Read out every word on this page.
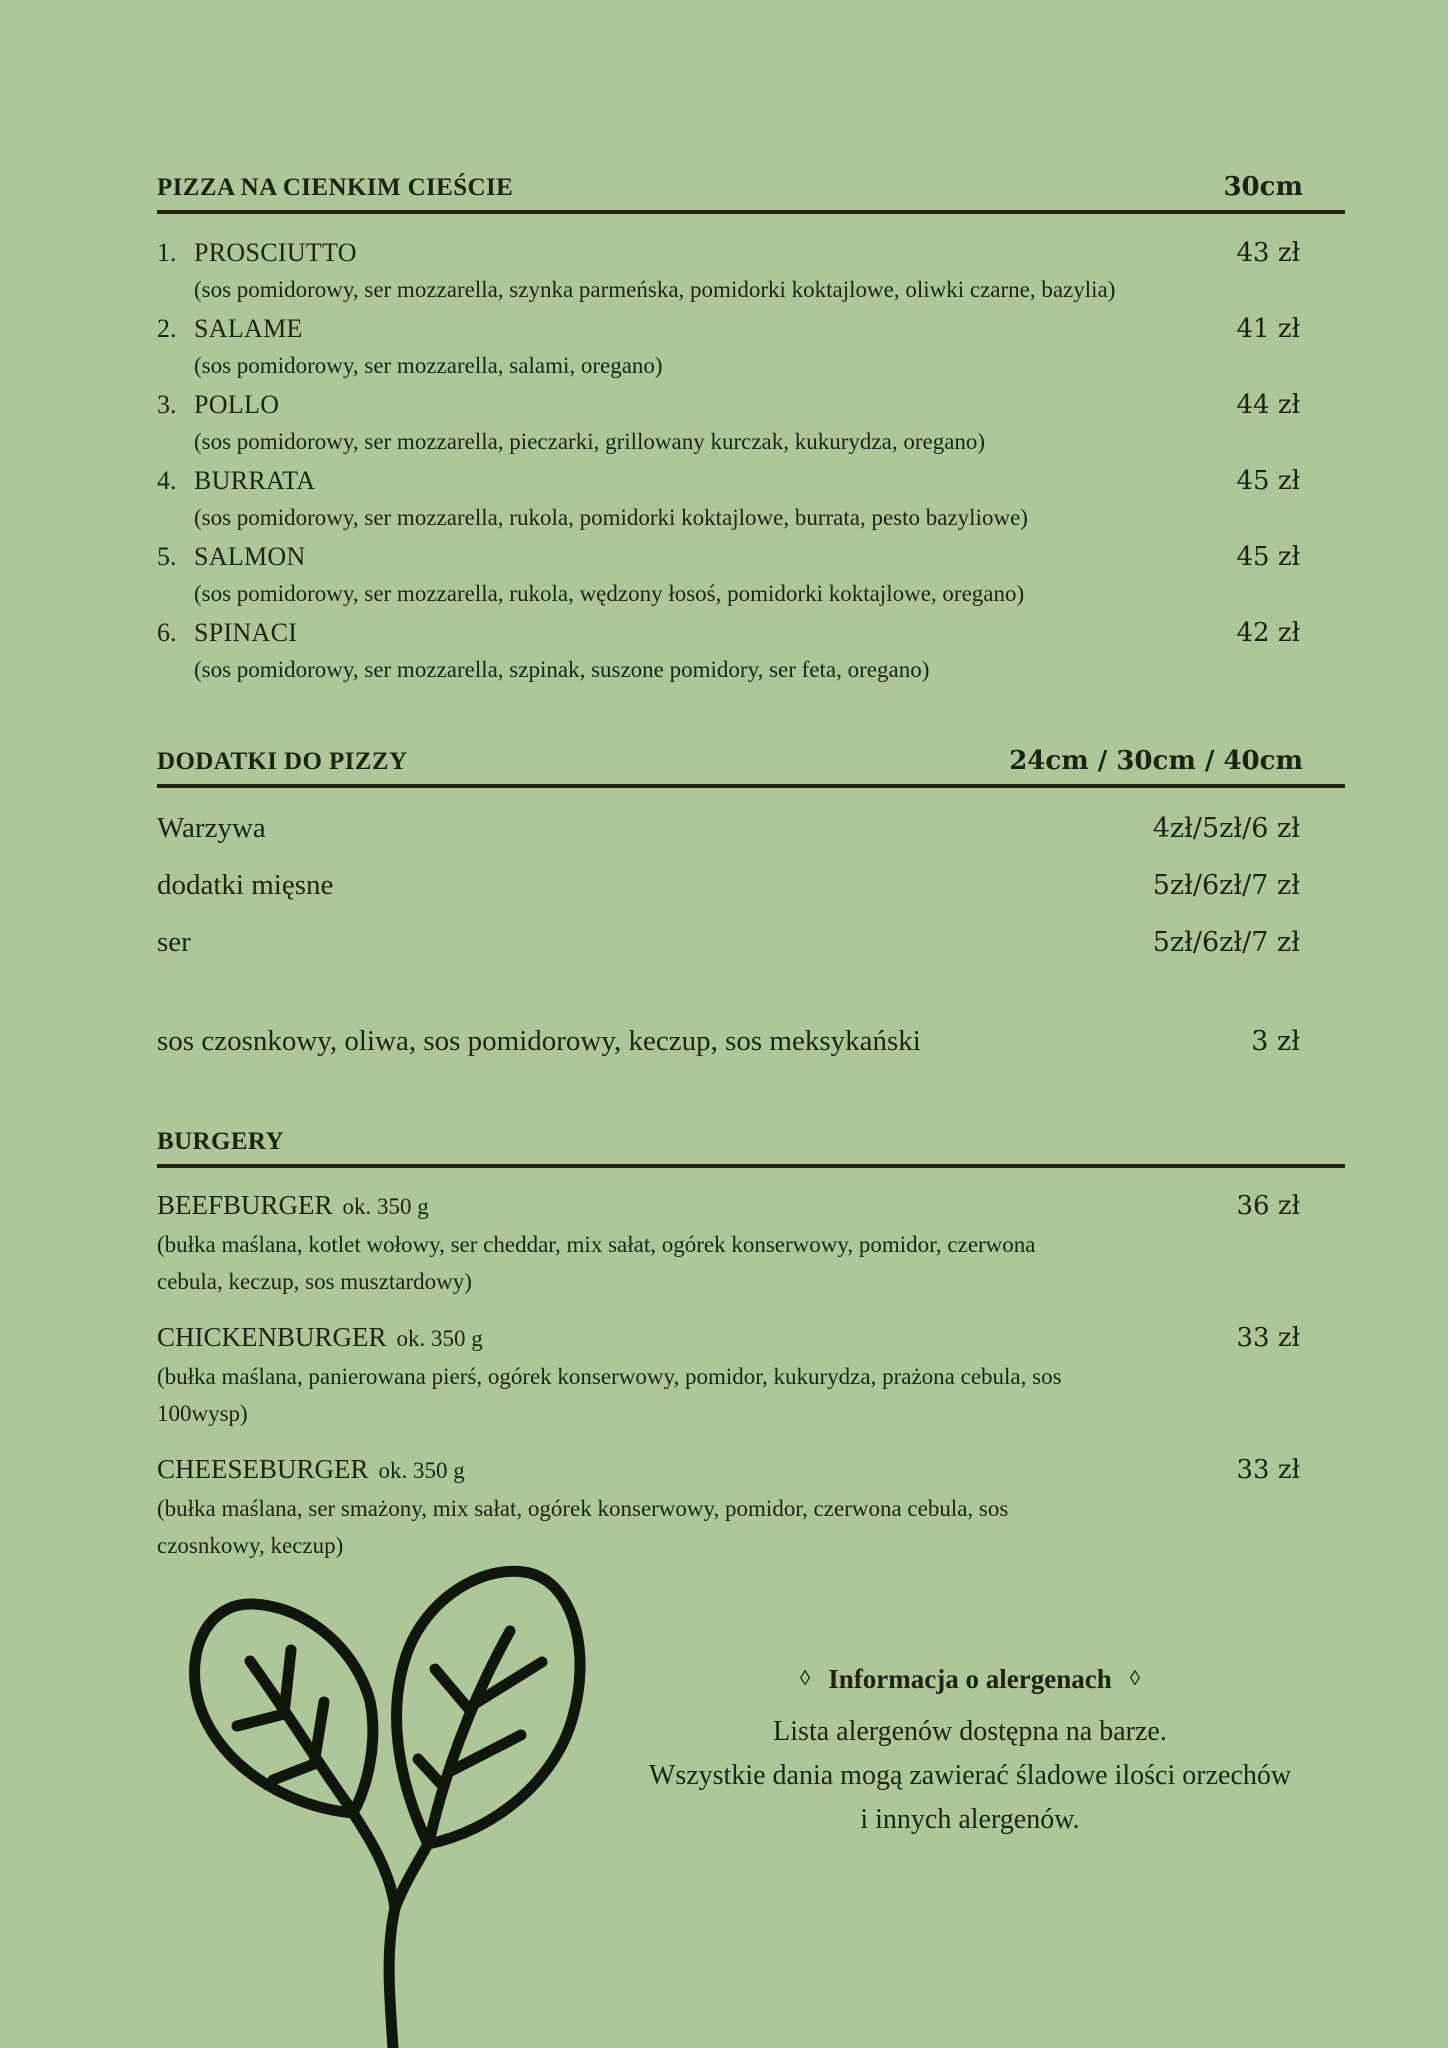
PIZZA NA CIENKIM CIEŚCIE	30cm
1. PROSCIUTTO	43 zł
(sos pomidorowy, ser mozzarella, szynka parmeńska, pomidorki koktajlowe, oliwki czarne, bazylia)
2. SALAME	41 zł
(sos pomidorowy, ser mozzarella, salami, oregano)
3. POLLO	44 zł
(sos pomidorowy, ser mozzarella, pieczarki, grillowany kurczak, kukurydza, oregano)
4. BURRATA	45 zł
(sos pomidorowy, ser mozzarella, rukola, pomidorki koktajlowe, burrata, pesto bazyliowe)
5. SALMON	45 zł
(sos pomidorowy, ser mozzarella, rukola, wędzony łosoś, pomidorki koktajlowe, oregano)
6. SPINACI	42 zł
(sos pomidorowy, ser mozzarella, szpinak, suszone pomidory, ser feta, oregano)
DODATKI DO PIZZY	24cm / 30cm / 40cm
Warzywa	4zł/5zł/6 zł
dodatki mięsne	5zł/6zł/7 zł
ser	5zł/6zł/7 zł
sos czosnkowy, oliwa, sos pomidorowy, keczup, sos meksykański	3 zł
BURGERY
BEEFBURGER ok. 350 g	36 zł
(bułka maślana, kotlet wołowy, ser cheddar, mix sałat, ogórek konserwowy, pomidor, czerwona cebula, keczup, sos musztardowy)
CHICKENBURGER ok. 350 g	33 zł
(bułka maślana, panierowana pierś, ogórek konserwowy, pomidor, kukurydza, prażona cebula, sos 100wysp)
CHEESEBURGER ok. 350 g	33 zł
(bułka maślana, ser smażony, mix sałat, ogórek konserwowy, pomidor, czerwona cebula, sos czosnkowy, keczup)
◊ Informacja o alergenach ◊
Lista alergenów dostępna na barze.
Wszystkie dania mogą zawierać śladowe ilości orzechów
i innych alergenów.
